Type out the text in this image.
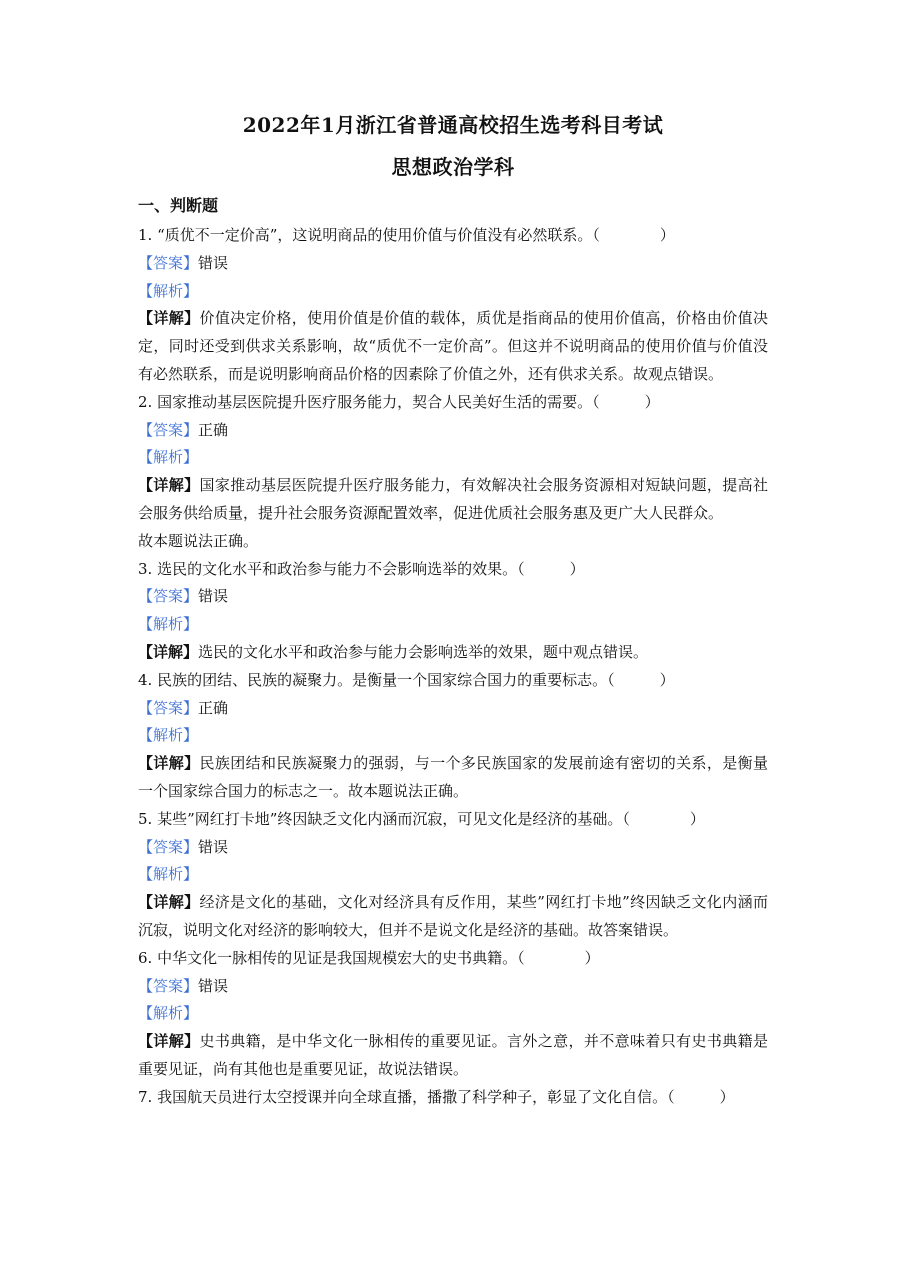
2022年1月浙江省普通高校招生选考科目考试
思想政治学科
一、判断题

1. “质优不一定价高”，这说明商品的使用价值与价值没有必然联系。（　　　　）

【答案】错误

【解析】

【详解】价值决定价格，使用价值是价值的载体，质优是指商品的使用价值高，价格由价值决定，同时还受到供求关系影响，故“质优不一定价高”。但这并不说明商品的使用价值与价值没有必然联系，而是说明影响商品价格的因素除了价值之外，还有供求关系。故观点错误。

2. 国家推动基层医院提升医疗服务能力，契合人民美好生活的需要。（　　　）

【答案】正确

【解析】

【详解】国家推动基层医院提升医疗服务能力，有效解决社会服务资源相对短缺问题，提高社会服务供给质量，提升社会服务资源配置效率，促进优质社会服务惠及更广大人民群众。

故本题说法正确。

3. 选民的文化水平和政治参与能力不会影响选举的效果。（　　　）

【答案】错误

【解析】

【详解】选民的文化水平和政治参与能力会影响选举的效果，题中观点错误。

4. 民族的团结、民族的凝聚力。是衡量一个国家综合国力的重要标志。（　　　）

【答案】正确

【解析】

【详解】民族团结和民族凝聚力的强弱，与一个多民族国家的发展前途有密切的关系，是衡量一个国家综合国力的标志之一。故本题说法正确。

5. 某些”网红打卡地”终因缺乏文化内涵而沉寂，可见文化是经济的基础。（　　　　）

【答案】错误

【解析】

【详解】经济是文化的基础，文化对经济具有反作用，某些”网红打卡地”终因缺乏文化内涵而沉寂，说明文化对经济的影响较大，但并不是说文化是经济的基础。故答案错误。

6. 中华文化一脉相传的见证是我国规模宏大的史书典籍。（　　　　）

【答案】错误

【解析】

【详解】史书典籍，是中华文化一脉相传的重要见证。言外之意，并不意味着只有史书典籍是重要见证，尚有其他也是重要见证，故说法错误。

7. 我国航天员进行太空授课并向全球直播，播撒了科学种子，彰显了文化自信。（　　　）
